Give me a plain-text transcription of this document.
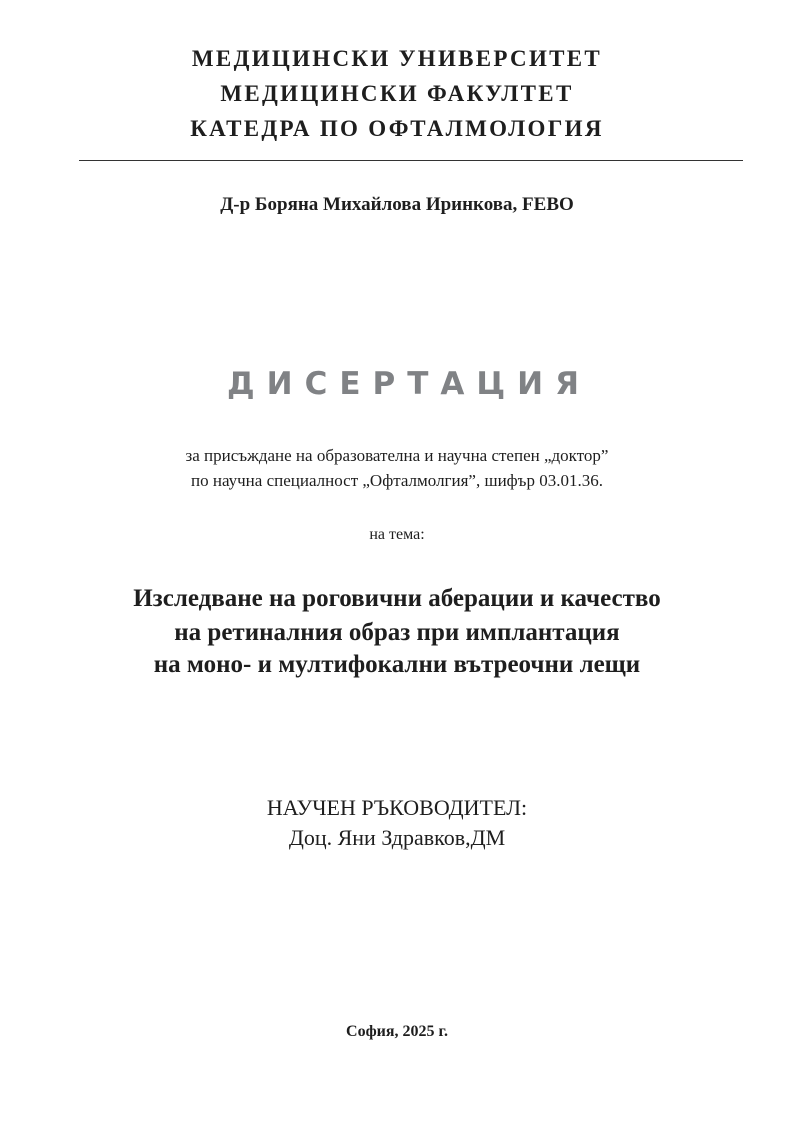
МЕДИЦИНСКИ УНИВЕРСИТЕТ
МЕДИЦИНСКИ ФАКУЛТЕТ
КАТЕДРА ПО ОФТАЛМОЛОГИЯ
Д-р Боряна Михайлова Иринкова, FEBO
ДИСЕРТАЦИЯ
за присъждане на образователна и научна степен „доктор”
по научна специалност „Офталмолгия”, шифър 03.01.36.
на тема:
Изследване на роговични аберации и качество
на ретиналния образ при имплантация
на моно- и мултифокални вътреочни лещи
НАУЧЕН РЪКОВОДИТЕЛ:
Доц. Яни Здравков,ДМ
София, 2025 г.
